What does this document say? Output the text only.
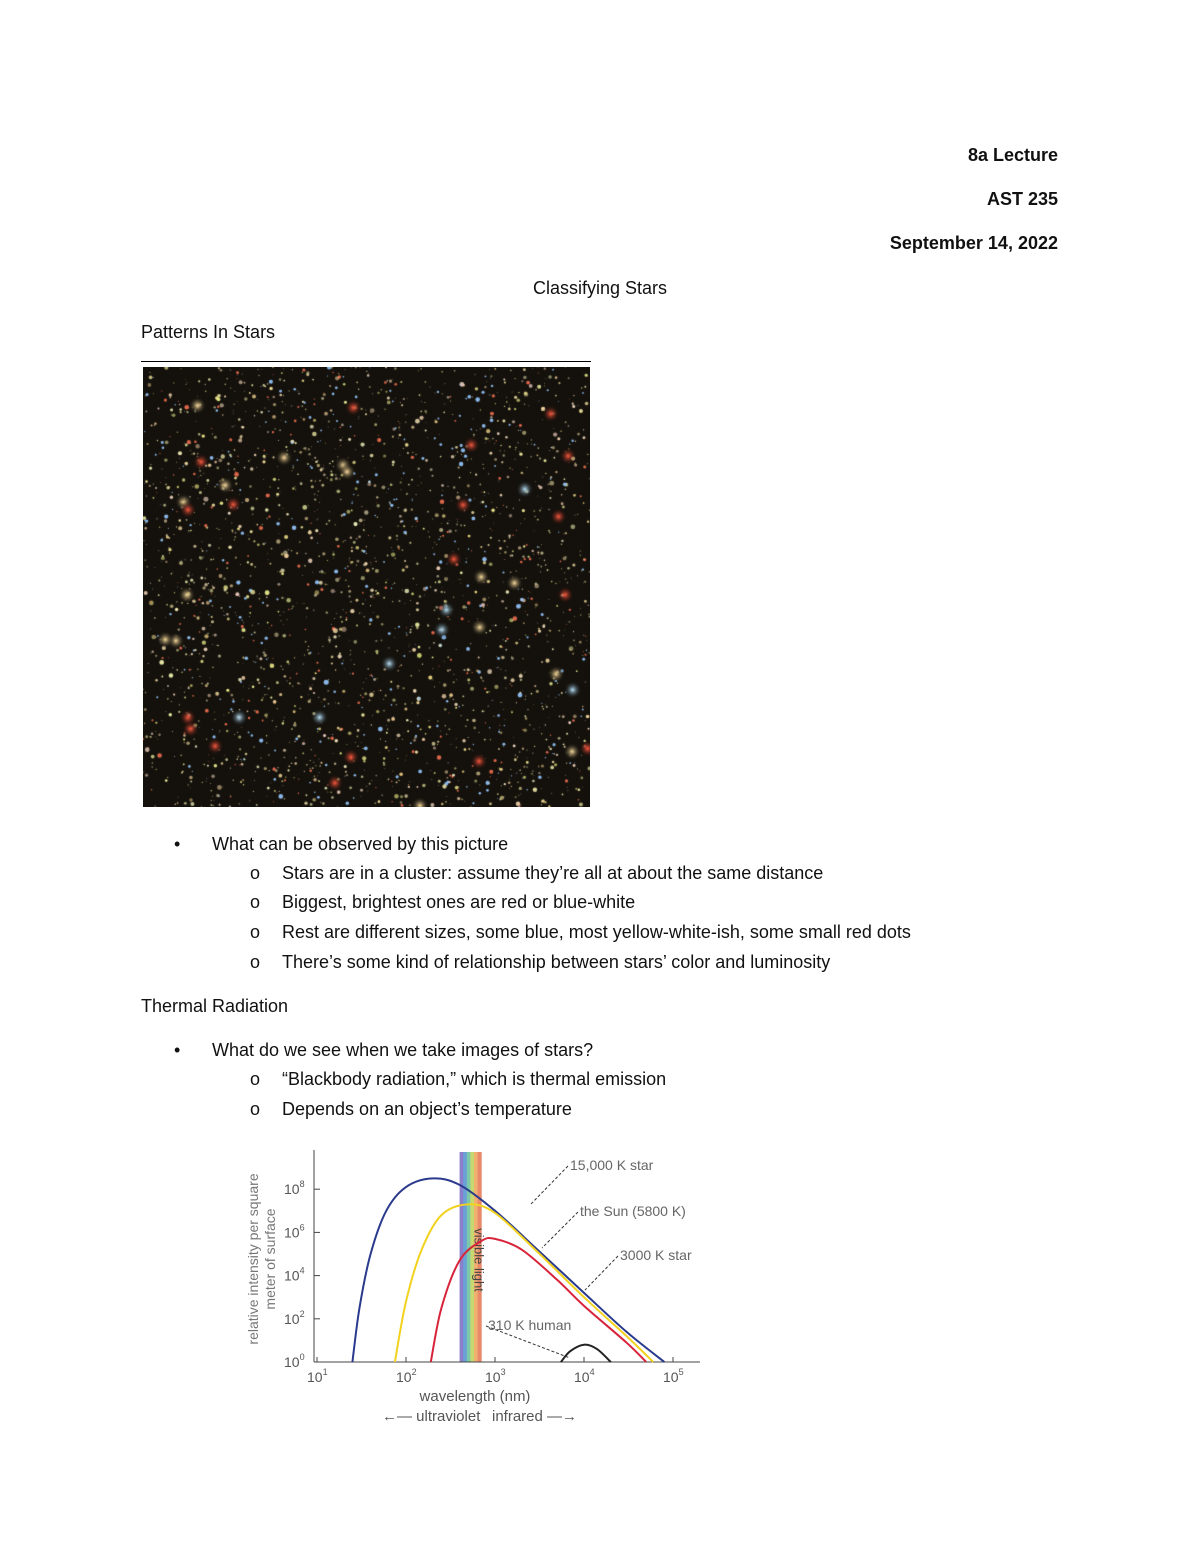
8a Lecture
AST 235
September 14, 2022
Classifying Stars
Patterns In Stars
• What can be observed by this picture
o Stars are in a cluster: assume they’re all at about the same distance
o Biggest, brightest ones are red or blue-white
o Rest are different sizes, some blue, most yellow-white-ish, some small red dots
o There’s some kind of relationship between stars’ color and luminosity
Thermal Radiation
• What do we see when we take images of stars?
o “Blackbody radiation,” which is thermal emission
o Depends on an object’s temperature
visible light
$10^1$	$10^2$	$10^3$	$10^4$	$10^5$
$10^0$
$10^2$
$10^4$
$10^6$
$10^8$
wavelength (nm)
relative intensity per square meter of surface
←— ultraviolet infrared —→
15,000 K star
the Sun (5800 K)
3000 K star
310 K human
